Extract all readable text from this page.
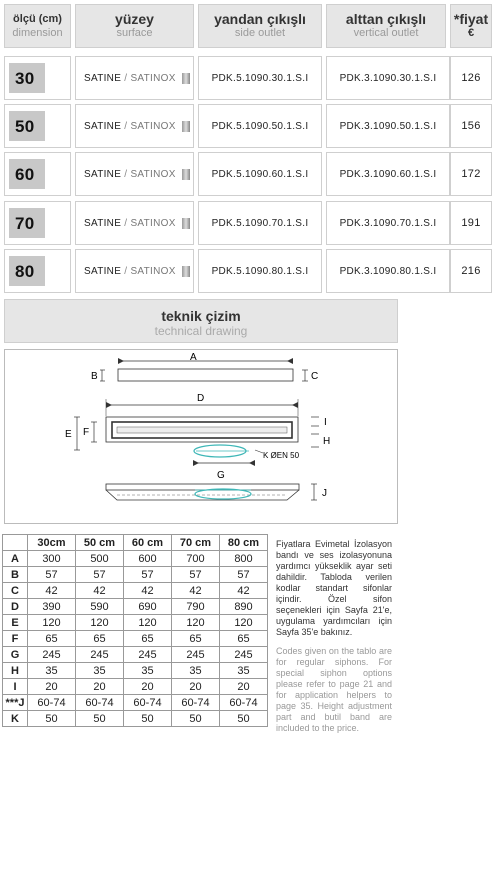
ölçü (cm)
dimension
yüzey
surface
yandan çıkışlı
side outlet
alttan çıkışlı
vertical outlet
*fiyat
€
30	SATINE / SATINOX	PDK.5.1090.30.1.S.I	PDK.3.1090.30.1.S.I	126
50	SATINE / SATINOX	PDK.5.1090.50.1.S.I	PDK.3.1090.50.1.S.I	156
60	SATINE / SATINOX	PDK.5.1090.60.1.S.I	PDK.3.1090.60.1.S.I	172
70	SATINE / SATINOX	PDK.5.1090.70.1.S.I	PDK.3.1090.70.1.S.I	191
80	SATINE / SATINOX	PDK.5.1090.80.1.S.I	PDK.3.1090.80.1.S.I	216
teknik çizim
technical drawing
A
B	C
D
E F
I
H
K ØEN 50
G
J
	30cm	50 cm	60 cm	70 cm	80 cm
A	300	500	600	700	800
B	57	57	57	57	57
C	42	42	42	42	42
D	390	590	690	790	890
E	120	120	120	120	120
F	65	65	65	65	65
G	245	245	245	245	245
H	35	35	35	35	35
I	20	20	20	20	20
***J	60-74	60-74	60-74	60-74	60-74
K	50	50	50	50	50

Fiyatlara Evimetal İzolasyon bandı ve ses izolasyonuna yardımcı yükseklik ayar seti dahildir. Tabloda verilen kodlar standart sifonlar içindir. Özel sifon seçenekleri için Sayfa 21'e, uygulama yardımcıları için Sayfa 35'e bakınız.

Codes given on the tablo are for regular siphons. For special siphon options please refer to page 21 and for application helpers to page 35. Height adjustment part and butil band are included to the price.
